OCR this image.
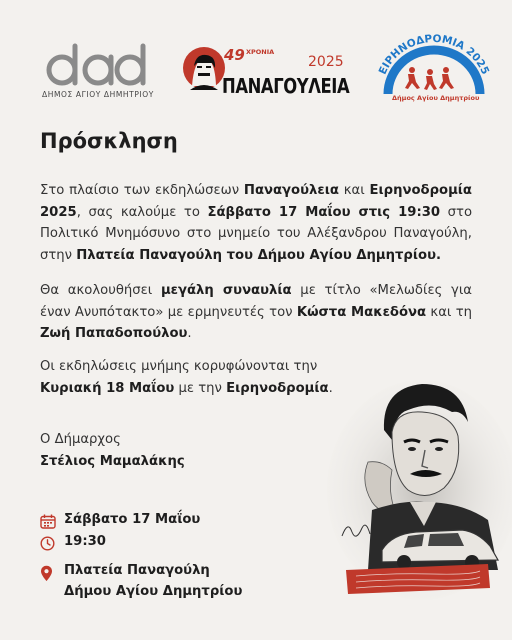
ΔΗΜΟΣ ΑΓΙΟΥ ΔΗΜΗΤΡΙΟΥ
49 ΧΡΟΝΙΑ
2025
ΠΑΝΑΓΟΥΛΕΙΑ
ΕΙΡΗΝΟΔΡΟΜΙΑ 2025
Δήμος Αγίου Δημητρίου
Πρόσκληση
Στο πλαίσιο των εκδηλώσεων Παναγούλεια και Ειρηνοδρομία 2025, σας καλούμε το Σάββατο 17 Μαΐου στις 19:30 στο Πολιτικό Μνημόσυνο στο μνημείο του Αλέξανδρου Παναγούλη, στην Πλατεία Παναγούλη του Δήμου Αγίου Δημητρίου.
Θα ακολουθήσει μεγάλη συναυλία με τίτλο «Μελωδίες για έναν Ανυπότακτο» με ερμηνευτές τον Κώστα Μακεδόνα και τη Ζωή Παπαδοπούλου.
Οι εκδηλώσεις μνήμης κορυφώνονται την Κυριακή 18 Μαΐου με την Ειρηνοδρομία.
Ο Δήμαρχος
Στέλιος Μαμαλάκης
Σάββατο 17 Μαΐου
19:30
Πλατεία Παναγούλη
Δήμου Αγίου Δημητρίου
